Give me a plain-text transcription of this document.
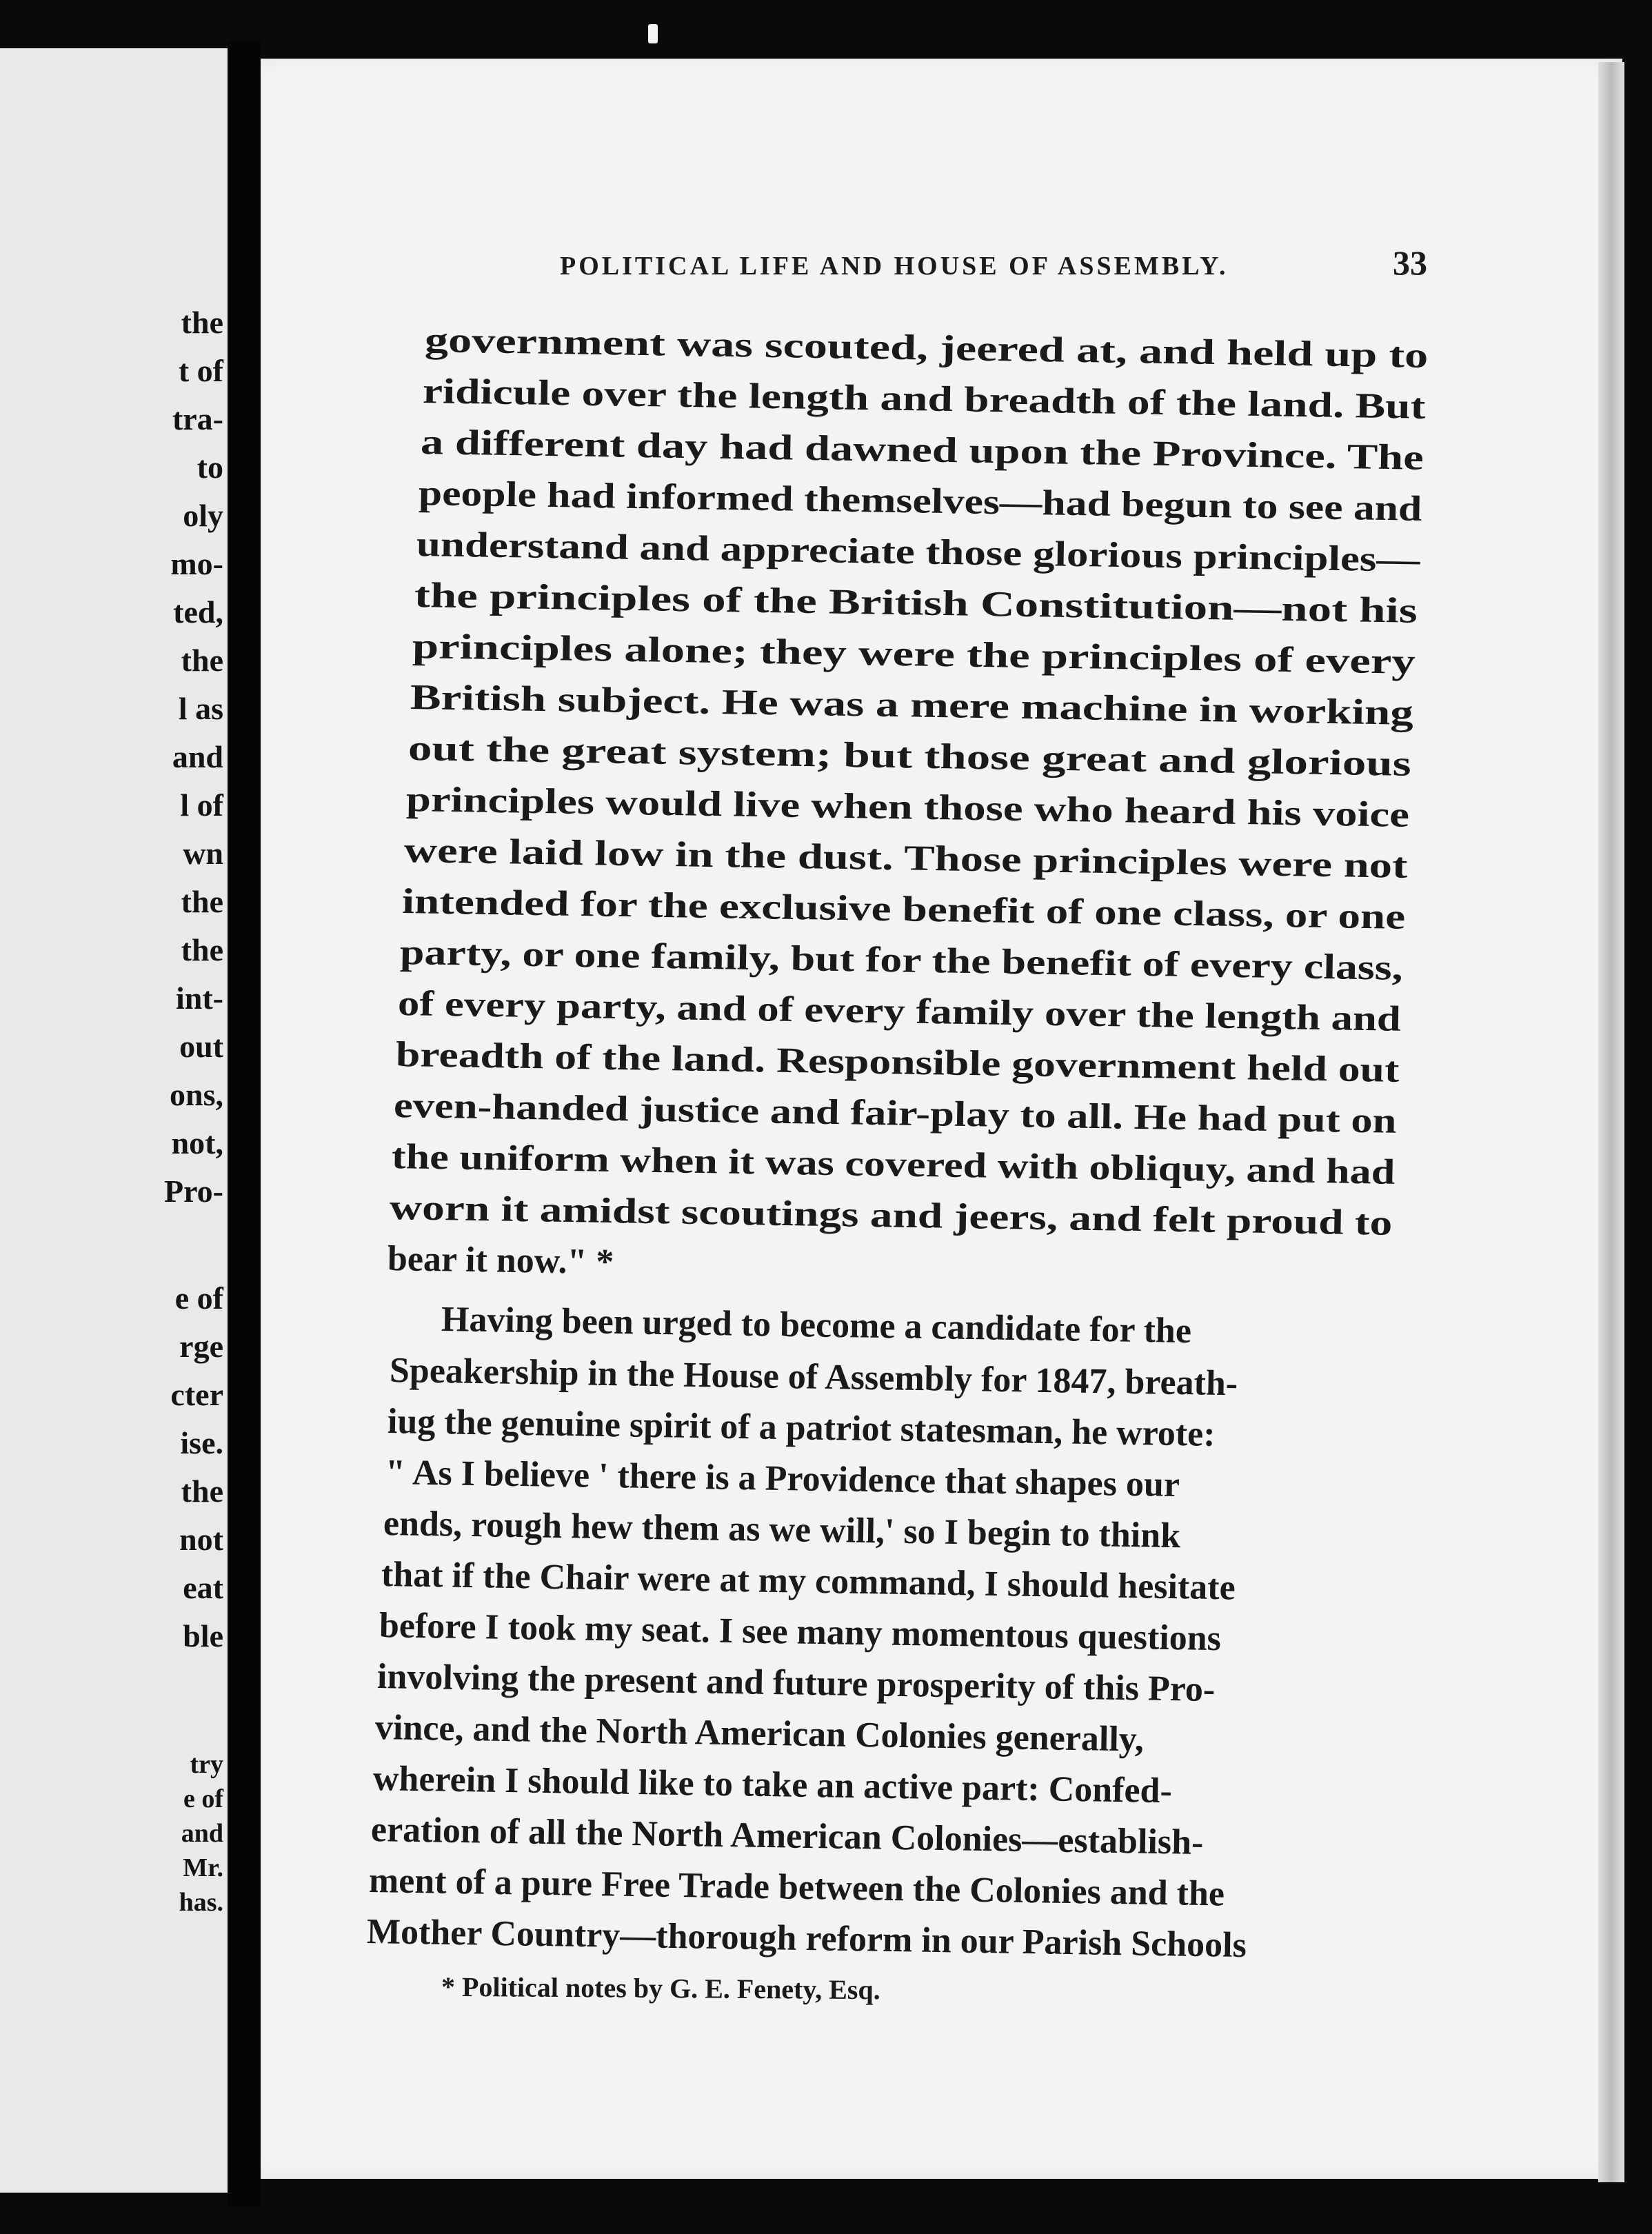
the
t of
tra-
to
oly
mo-
ted,
the
l as
and
l of
wn
the
the
int-
out
ons,
not,
Pro-
e of
rge
cter
ise.
the
not
eat
ble
try
e of
and
Mr.
has.
POLITICAL LIFE AND HOUSE OF ASSEMBLY.	33
government was scouted, jeered at, and held up to
ridicule over the length and breadth of the land. But
a different day had dawned upon the Province. The
people had informed themselves—had begun to see and
understand and appreciate those glorious principles—
the principles of the British Constitution—not his
principles alone; they were the principles of every
British subject. He was a mere machine in working
out the great system; but those great and glorious
principles would live when those who heard his voice
were laid low in the dust. Those principles were not
intended for the exclusive benefit of one class, or one
party, or one family, but for the benefit of every class,
of every party, and of every family over the length and
breadth of the land. Responsible government held out
even-handed justice and fair-play to all. He had put on
the uniform when it was covered with obliquy, and had
worn it amidst scoutings and jeers, and felt proud to
bear it now." *
Having been urged to become a candidate for the
Speakership in the House of Assembly for 1847, breath-
iug the genuine spirit of a patriot statesman, he wrote:
" As I believe ' there is a Providence that shapes our
ends, rough hew them as we will,' so I begin to think
that if the Chair were at my command, I should hesitate
before I took my seat. I see many momentous questions
involving the present and future prosperity of this Pro-
vince, and the North American Colonies generally,
wherein I should like to take an active part: Confed-
eration of all the North American Colonies—establish-
ment of a pure Free Trade between the Colonies and the
Mother Country—thorough reform in our Parish Schools
* Political notes by G. E. Fenety, Esq.
